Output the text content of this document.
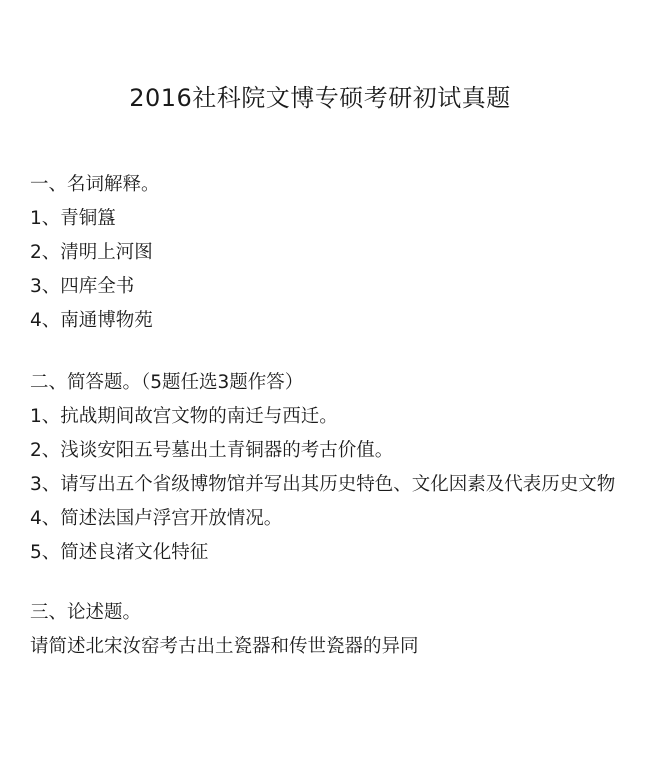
2016社科院文博专硕考研初试真题
一、名词解释。
1、青铜簋
2、清明上河图
3、四库全书
4、南通博物苑
二、简答题。（5题任选3题作答）
1、抗战期间故宫文物的南迁与西迁。
2、浅谈安阳五号墓出土青铜器的考古价值。
3、请写出五个省级博物馆并写出其历史特色、文化因素及代表历史文物
4、简述法国卢浮宫开放情况。
5、简述良渚文化特征
三、论述题。
请简述北宋汝窑考古出土瓷器和传世瓷器的异同
